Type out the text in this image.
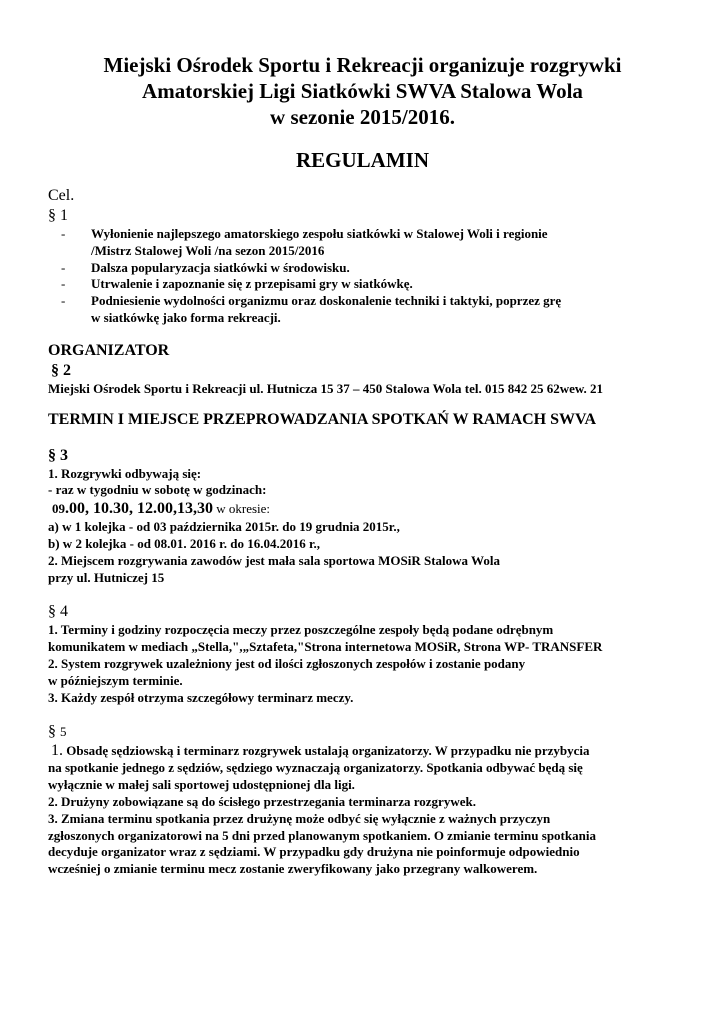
Miejski Ośrodek Sportu i Rekreacji organizuje rozgrywki
Amatorskiej Ligi Siatkówki SWVA Stalowa Wola
w sezonie 2015/2016.
REGULAMIN
Cel.
§ 1
-	Wyłonienie najlepszego amatorskiego zespołu siatkówki w Stalowej Woli i regionie
/Mistrz Stalowej Woli /na sezon 2015/2016
-	Dalsza popularyzacja siatkówki w środowisku.
-	Utrwalenie i zapoznanie się z przepisami gry w siatkówkę.
-	Podniesienie wydolności organizmu oraz doskonalenie techniki i taktyki, poprzez grę
w siatkówkę jako forma rekreacji.
ORGANIZATOR
§ 2
Miejski Ośrodek Sportu i Rekreacji ul. Hutnicza 15 37 – 450 Stalowa Wola tel. 015 842 25 62wew. 21
TERMIN I MIEJSCE PRZEPROWADZANIA SPOTKAŃ W RAMACH SWVA
§ 3
1. Rozgrywki odbywają się:
- raz w tygodniu w sobotę w godzinach:
09.00, 10.30, 12.00,13,30 w okresie:
a) w 1 kolejka - od 03 października 2015r. do 19 grudnia 2015r.,
b) w 2 kolejka - od 08.01. 2016 r. do 16.04.2016 r.,
2. Miejscem rozgrywania zawodów jest mała sala sportowa MOSiR Stalowa Wola
przy ul. Hutniczej 15
§ 4
1. Terminy i godziny rozpoczęcia meczy przez poszczególne zespoły będą podane odrębnym
komunikatem w mediach „Stella,",„Sztafeta,"Strona internetowa MOSiR, Strona WP- TRANSFER
2. System rozgrywek uzależniony jest od ilości zgłoszonych zespołów i zostanie podany
w późniejszym terminie.
3. Każdy zespół otrzyma szczegółowy terminarz meczy.
§ 5
1. Obsadę sędziowską i terminarz rozgrywek ustalają organizatorzy. W przypadku nie przybycia
na spotkanie jednego z sędziów, sędziego wyznaczają organizatorzy. Spotkania odbywać będą się
wyłącznie w małej sali sportowej udostępnionej dla ligi.
2. Drużyny zobowiązane są do ścisłego przestrzegania terminarza rozgrywek.
3. Zmiana terminu spotkania przez drużynę może odbyć się wyłącznie z ważnych przyczyn
zgłoszonych organizatorowi na 5 dni przed planowanym spotkaniem. O zmianie terminu spotkania
decyduje organizator wraz z sędziami. W przypadku gdy drużyna nie poinformuje odpowiednio
wcześniej o zmianie terminu mecz zostanie zweryfikowany jako przegrany walkowerem.
